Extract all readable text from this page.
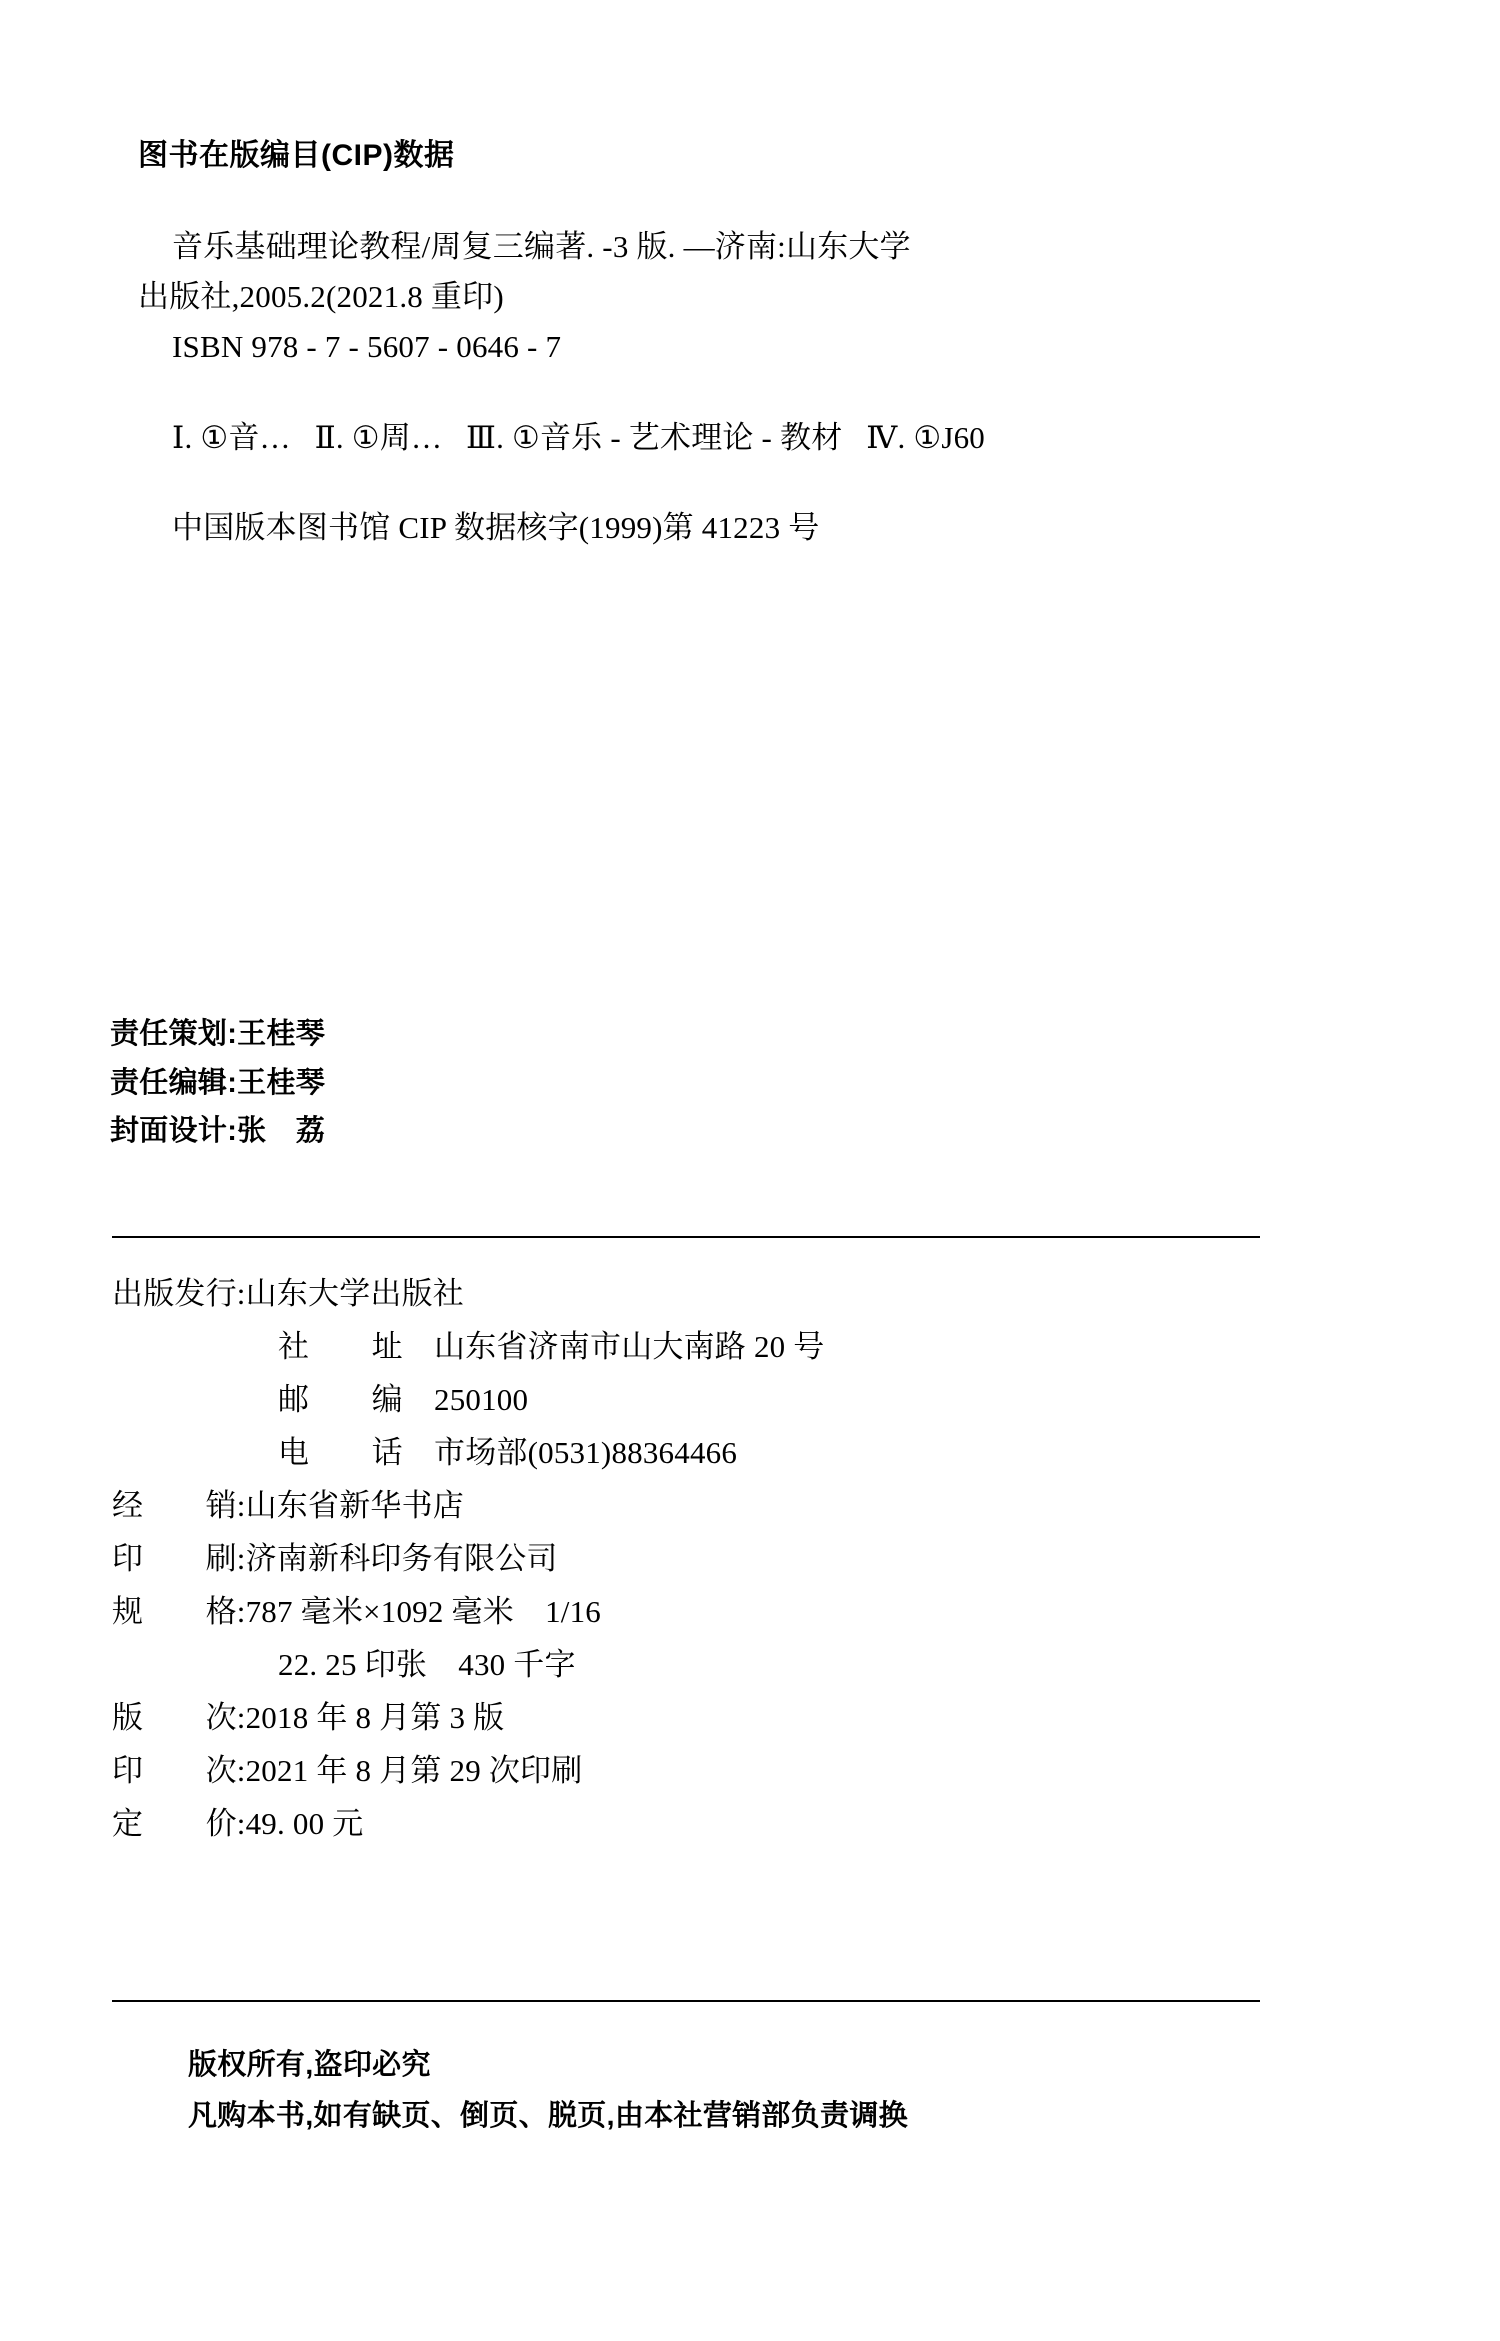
图书在版编目(CIP)数据
音乐基础理论教程/周复三编著. -3 版. —济南:山东大学
出版社,2005.2(2021.8 重印)
ISBN 978 - 7 - 5607 - 0646 - 7
Ⅰ. ①音…   Ⅱ. ①周…   Ⅲ. ①音乐 - 艺术理论 - 教材   Ⅳ. ①J60
中国版本图书馆 CIP 数据核字(1999)第 41223 号
责任策划:王桂琴
责任编辑:王桂琴
封面设计:张　荔
出版发行:山东大学出版社
社　　址　山东省济南市山大南路 20 号
邮　　编　250100
电　　话　市场部(0531)88364466
经　　销:山东省新华书店
印　　刷:济南新科印务有限公司
规　　格:787 毫米×1092 毫米　1/16
22. 25 印张　430 千字
版　　次:2018 年 8 月第 3 版
印　　次:2021 年 8 月第 29 次印刷
定　　价:49. 00 元
版权所有,盗印必究
凡购本书,如有缺页、倒页、脱页,由本社营销部负责调换
